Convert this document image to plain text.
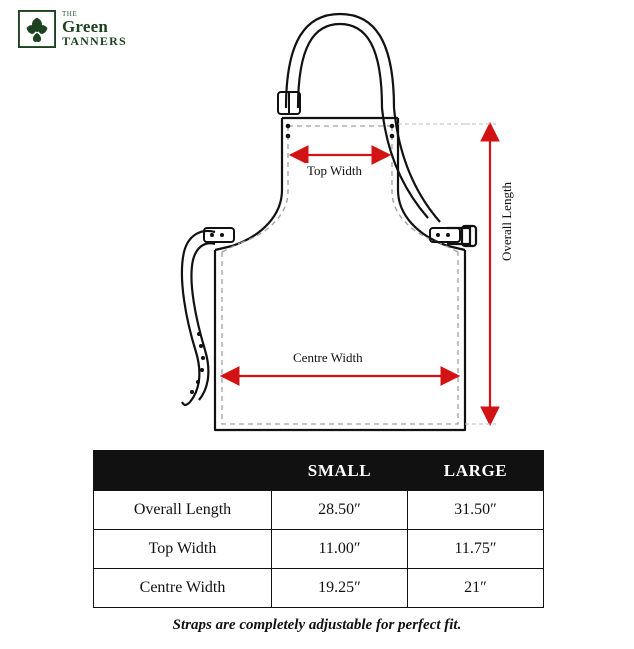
THE
Green
TANNERS
Top Width
Centre Width
Overall Length
	SMALL	LARGE
Overall Length	28.50″	31.50″
Top Width	11.00″	11.75″
Centre Width	19.25″	21″
Straps are completely adjustable for perfect fit.
